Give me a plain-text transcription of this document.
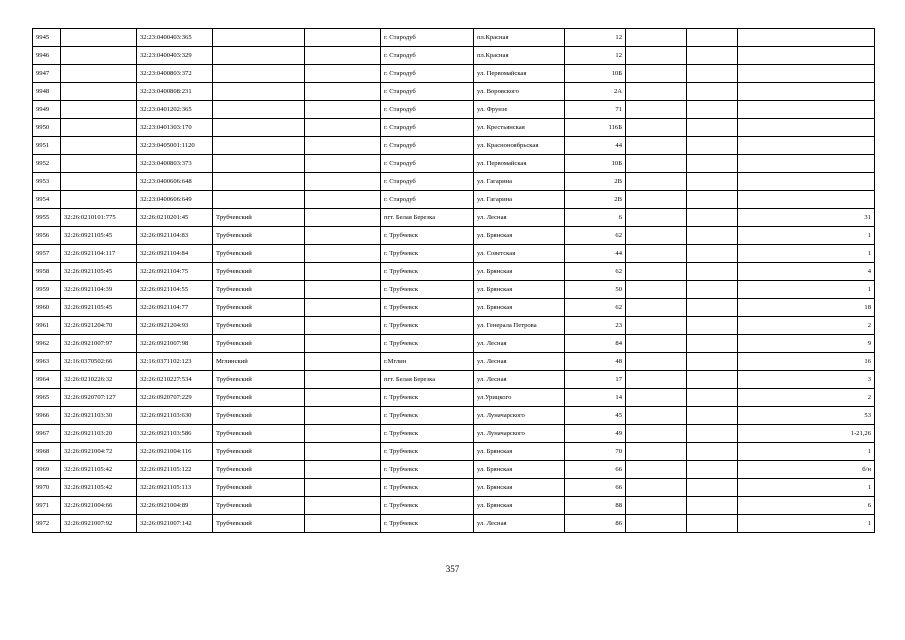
9945		32:23:0400403:365			г. Стародуб	пл.Красная	12			
9946		32:23:0400403:329			г. Стародуб	пл.Красная	12			
9947		32:23:0400803:372			г. Стародуб	ул. Первомайская	10Б			
9948		32:23:0400808:231			г. Стародуб	ул. Воровского	2А			
9949		32:23:0401202:365			г. Стародуб	ул. Фрунзе	71			
9950		32:23:0401303:170			г. Стародуб	ул. Крестьянская	116Б			
9951		32:23:0405001:1120			г. Стародуб	ул. Красноноябрьская	44			
9952		32:23:0400803:373			г. Стародуб	ул. Первомайская	10Б			
9953		32:23:0400606:648			г. Стародуб	ул. Гагарина	2В			
9954		32:23:0400606:649			г. Стародуб	ул. Гагарина	2В			
9955	32:26:0210101:775	32:26:0210201:45	Трубчевский		пгт. Белая Березка	ул. Лесная	6			31
9956	32:26:0921105:45	32:26:0921104:83	Трубчевский		г. Трубчевск	ул. Брянская	62			1
9957	32:26:0921104:117	32:26:0921104:84	Трубчевский		г. Трубчевск	ул. Советская	44			1
9958	32:26:0921105:45	32:26:0921104:75	Трубчевский		г. Трубчевск	ул. Брянская	62			4
9959	32:26:0921104:39	32:26:0921104:55	Трубчевский		г. Трубчевск	ул. Брянская	50			1
9960	32:26:0921105:45	32:26:0921104:77	Трубчевский		г. Трубчевск	ул. Брянская	62			18
9961	32:26:0921204:70	32:26:0921204:93	Трубчевский		г. Трубчевск	ул. Генерала Петрова	23			2
9962	32:26:0921007:97	32:26:0921007:98	Трубчевский		г. Трубчевск	ул. Лесная	84			9
9963	32:16:0370502:66	32:16:0371102:123	Мглинский		г.Мглин	ул. Лесная	48			16
9964	32:26:0210226:32	32:26:0210227:534	Трубчевский		пгт. Белая Березка	ул. Лесная	17			3
9965	32:26:0920707:127	32:26:0920707:229	Трубчевский		г. Трубчевск	ул.Урицкого	14			2
9966	32:26:0921103:30	32:26:0921103:630	Трубчевский		г. Трубчевск	ул. Луначарского	45			53
9967	32:26:0921103:20	32:26:0921103:586	Трубчевский		г. Трубчевск	ул. Луначарского	49			1-21,26
9968	32:26:0921004:72	32:26:0921004:116	Трубчевский		г. Трубчевск	ул. Брянская	70			1
9969	32:26:0921105:42	32:26:0921105:122	Трубчевский		г. Трубчевск	ул. Брянская	66			б/н
9970	32:26:0921105:42	32:26:0921105:113	Трубчевский		г. Трубчевск	ул. Брянская	66			1
9971	32:26:0921004:66	32:26:0921004:89	Трубчевский		г. Трубчевск	ул. Брянская	88			6
9972	32:26:0921007:92	32:26:0921007:142	Трубчевский		г. Трубчевск	ул. Лесная	86			1
357
